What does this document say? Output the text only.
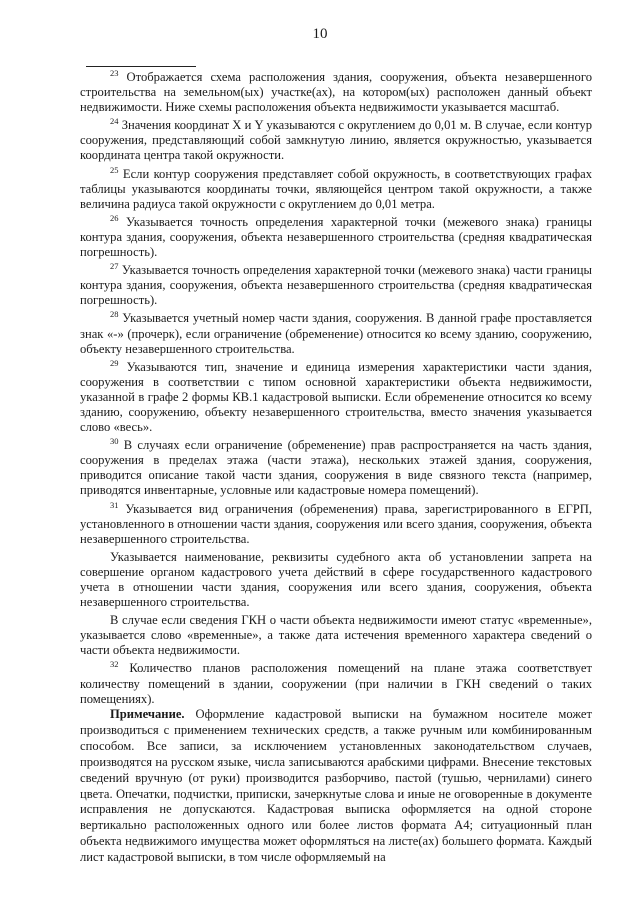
10

$^{23}$ Отображается схема расположения здания, сооружения, объекта незавершенного строительства на земельном(ых) участке(ах), на котором(ых) расположен данный объект недвижимости. Ниже схемы расположения объекта недвижимости указывается масштаб.

$^{24}$ Значения координат X и Y указываются с округлением до 0,01 м. В случае, если контур сооружения, представляющий собой замкнутую линию, является окружностью, указывается координата центра такой окружности.

$^{25}$ Если контур сооружения представляет собой окружность, в соответствующих графах таблицы указываются координаты точки, являющейся центром такой окружности, а также величина радиуса такой окружности с округлением до 0,01 метра.

$^{26}$ Указывается точность определения характерной точки (межевого знака) границы контура здания, сооружения, объекта незавершенного строительства (средняя квадратическая погрешность).

$^{27}$ Указывается точность определения характерной точки (межевого знака) части границы контура здания, сооружения, объекта незавершенного строительства (средняя квадратическая погрешность).

$^{28}$ Указывается учетный номер части здания, сооружения. В данной графе проставляется знак «-» (прочерк), если ограничение (обременение) относится ко всему зданию, сооружению, объекту незавершенного строительства.

$^{29}$ Указываются тип, значение и единица измерения характеристики части здания, сооружения в соответствии с типом основной характеристики объекта недвижимости, указанной в графе 2 формы КВ.1 кадастровой выписки. Если обременение относится ко всему зданию, сооружению, объекту незавершенного строительства, вместо значения указывается слово «весь».

$^{30}$ В случаях если ограничение (обременение) прав распространяется на часть здания, сооружения в пределах этажа (части этажа), нескольких этажей здания, сооружения, приводится описание такой части здания, сооружения в виде связного текста (например, приводятся инвентарные, условные или кадастровые номера помещений).

$^{31}$ Указывается вид ограничения (обременения) права, зарегистрированного в ЕГРП, установленного в отношении части здания, сооружения или всего здания, сооружения, объекта незавершенного строительства.

Указывается наименование, реквизиты судебного акта об установлении запрета на совершение органом кадастрового учета действий в сфере государственного кадастрового учета в отношении части здания, сооружения или всего здания, сооружения, объекта незавершенного строительства.

В случае если сведения ГКН о части объекта недвижимости имеют статус «временные», указывается слово «временные», а также дата истечения временного характера сведений о части объекта недвижимости.

$^{32}$ Количество планов расположения помещений на плане этажа соответствует количеству помещений в здании, сооружении (при наличии в ГКН сведений о таких помещениях).

Примечание. Оформление кадастровой выписки на бумажном носителе может производиться с применением технических средств, а также ручным или комбинированным способом. Все записи, за исключением установленных законодательством случаев, производятся на русском языке, числа записываются арабскими цифрами. Внесение текстовых сведений вручную (от руки) производится разборчиво, пастой (тушью, чернилами) синего цвета. Опечатки, подчистки, приписки, зачеркнутые слова и иные не оговоренные в документе исправления не допускаются. Кадастровая выписка оформляется на одной стороне вертикально расположенных одного или более листов формата А4; ситуационный план объекта недвижимого имущества может оформляться на листе(ах) большего формата. Каждый лист кадастровой выписки, в том числе оформляемый на
